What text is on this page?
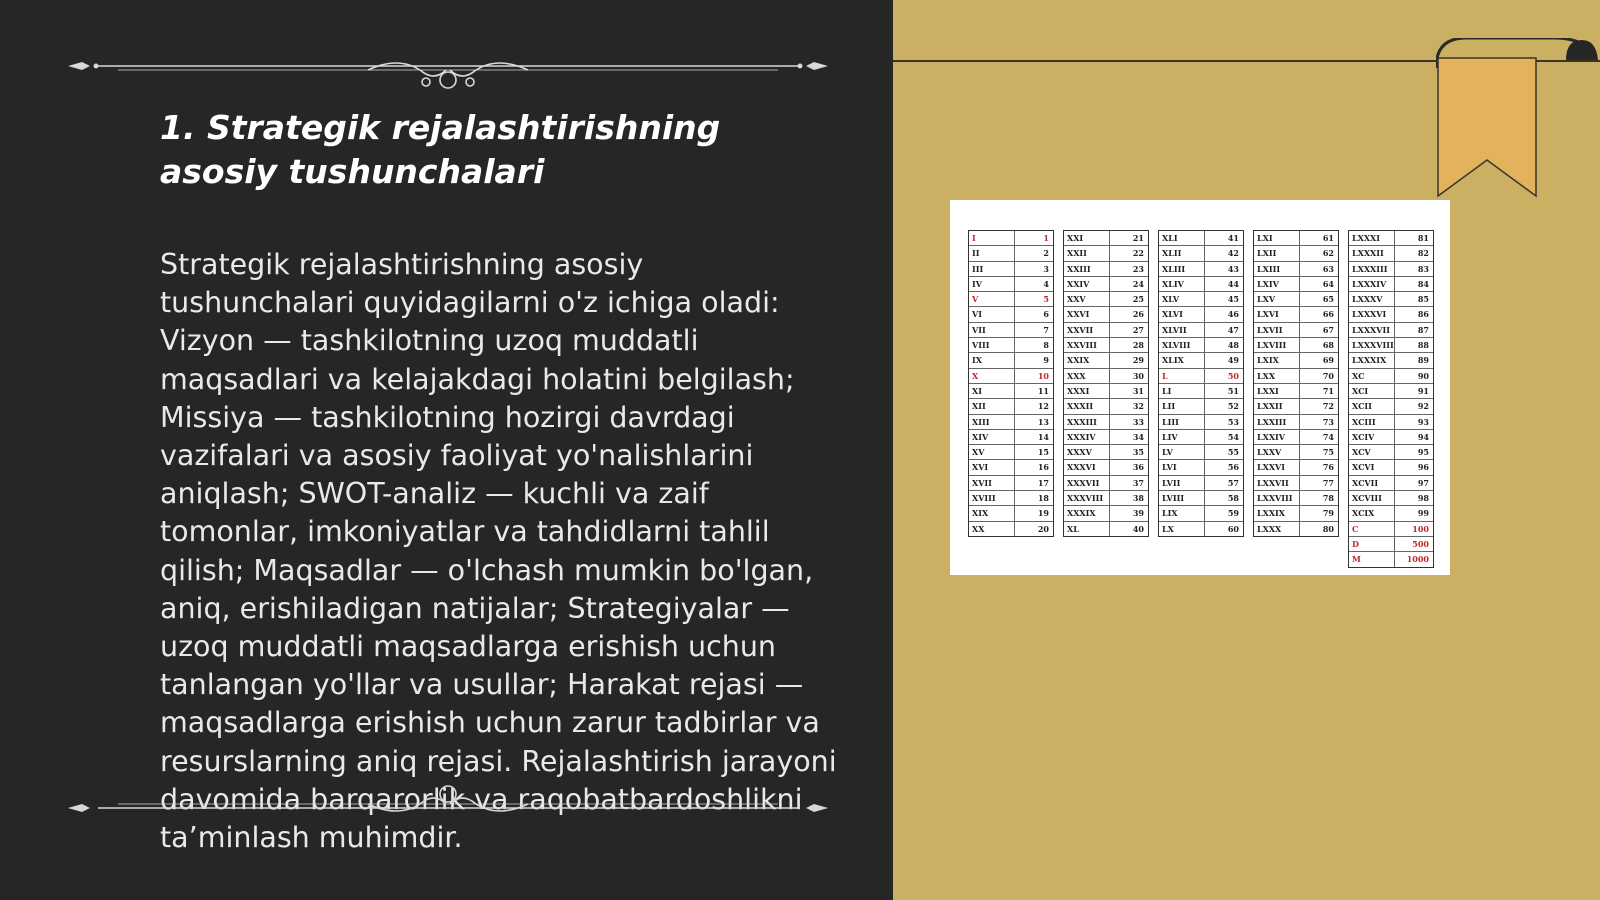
1. Strategik rejalashtirishning asosiy tushunchalari

Strategik rejalashtirishning asosiy tushunchalari quyidagilarni o'z ichiga oladi: Vizyon — tashkilotning uzoq muddatli maqsadlari va kelajakdagi holatini belgilash; Missiya — tashkilotning hozirgi davrdagi vazifalari va asosiy faoliyat yo'nalishlarini aniqlash; SWOT-analiz — kuchli va zaif tomonlar, imkoniyatlar va tahdidlarni tahlil qilish; Maqsadlar — o'lchash mumkin bo'lgan, aniq, erishiladigan natijalar; Strategiyalar — uzoq muddatli maqsadlarga erishish uchun tanlangan yo'llar va usullar; Harakat rejasi — maqsadlarga erishish uchun zarur tadbirlar va resurslarning aniq rejasi. Rejalashtirish jarayoni davomida barqarorlik va raqobatbardoshlikni ta’minlash muhimdir.

I	1
II	2
III	3
IV	4
V	5
VI	6
VII	7
VIII	8
IX	9
X	10
XI	11
XII	12
XIII	13
XIV	14
XV	15
XVI	16
XVII	17
XVIII	18
XIX	19
XX	20
XXI	21
XXII	22
XXIII	23
XXIV	24
XXV	25
XXVI	26
XXVII	27
XXVIII	28
XXIX	29
XXX	30
XXXI	31
XXXII	32
XXXIII	33
XXXIV	34
XXXV	35
XXXVI	36
XXXVII	37
XXXVIII	38
XXXIX	39
XL	40
XLI	41
XLII	42
XLIII	43
XLIV	44
XLV	45
XLVI	46
XLVII	47
XLVIII	48
XLIX	49
L	50
LI	51
LII	52
LIII	53
LIV	54
LV	55
LVI	56
LVII	57
LVIII	58
LIX	59
LX	60
LXI	61
LXII	62
LXIII	63
LXIV	64
LXV	65
LXVI	66
LXVII	67
LXVIII	68
LXIX	69
LXX	70
LXXI	71
LXXII	72
LXXIII	73
LXXIV	74
LXXV	75
LXXVI	76
LXXVII	77
LXXVIII	78
LXXIX	79
LXXX	80
LXXXI	81
LXXXII	82
LXXXIII	83
LXXXIV	84
LXXXV	85
LXXXVI	86
LXXXVII	87
LXXXVIII	88
LXXXIX	89
XC	90
XCI	91
XCII	92
XCIII	93
XCIV	94
XCV	95
XCVI	96
XCVII	97
XCVIII	98
XCIX	99
C	100
D	500
M	1000
